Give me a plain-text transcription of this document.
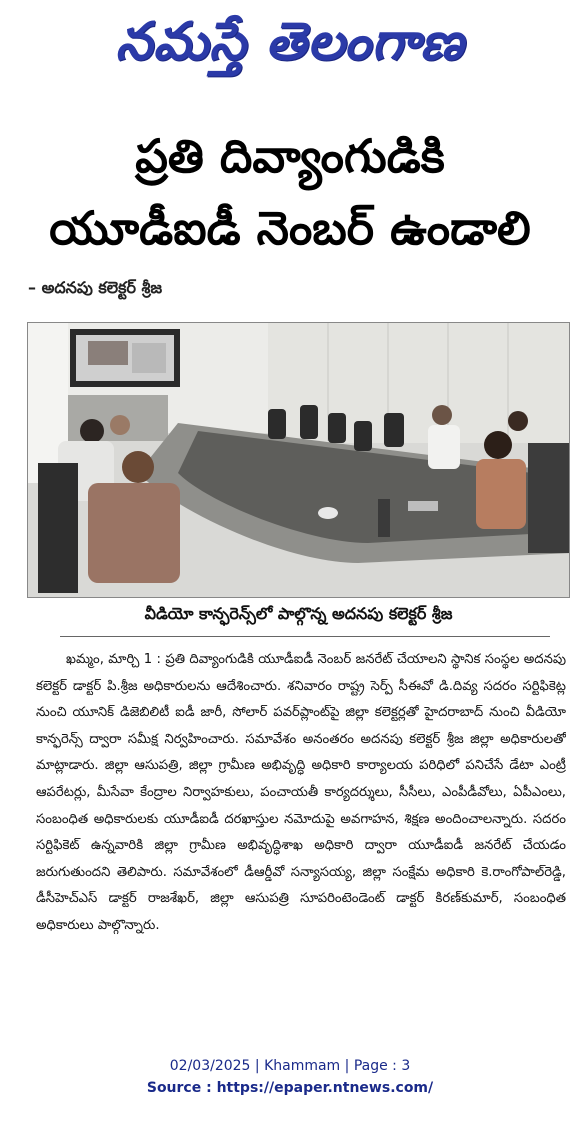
నమస్తే తెలంగాణ
ప్రతి దివ్యాంగుడికి
యూడీఐడీ నెంబర్ ఉండాలి
– అదనపు కలెక్టర్ శ్రీజ
వీడియో కాన్ఫరెన్స్‌లో పాల్గొన్న అదనపు కలెక్టర్ శ్రీజ
ఖమ్మం, మార్చి 1 : ప్రతి దివ్యాంగుడికి యూడీఐడీ నెంబర్ జనరేట్ చేయాలని స్థానిక సంస్థల అదనపు కలెక్టర్ డాక్టర్ పి.శ్రీజ అధికారులను ఆదేశించారు. శనివారం రాష్ట్ర సెర్ప్ సీఈవో డి.దివ్య సదరం సర్టిఫికెట్ల నుంచి యూనిక్ డిజెబిలిటీ ఐడీ జారీ, సోలార్ పవర్‌ప్లాంట్‌పై జిల్లా కలెక్టర్లతో హైదరాబాద్ నుంచి వీడియో కాన్ఫరెన్స్ ద్వారా సమీక్ష నిర్వహించారు. సమావేశం అనంతరం అదనపు కలెక్టర్ శ్రీజ జిల్లా అధికారులతో మాట్లాడారు. జిల్లా ఆసుపత్రి, జిల్లా గ్రామీణ అభివృద్ధి అధికారి కార్యాలయ పరిధిలో పనిచేసే డేటా ఎంట్రీ ఆపరేటర్లు, మీసేవా కేంద్రాల నిర్వాహకులు, పంచాయతీ కార్యదర్శులు, సీసీలు, ఎంపీడీవోలు, ఏపీఎంలు, సంబంధిత అధికారులకు యూడీఐడీ దరఖాస్తుల నమోదుపై అవగాహన, శిక్షణ అందించాలన్నారు. సదరం సర్టిఫికెట్ ఉన్నవారికి జిల్లా గ్రామీణ అభివృద్ధిశాఖ అధికారి ద్వారా యూడీఐడీ జనరేట్ చేయడం జరుగుతుందని తెలిపారు. సమావేశంలో డీఆర్డీవో సన్యాసయ్య, జిల్లా సంక్షేమ అధికారి కె.రాంగోపాల్‌రెడ్డి, డీసీహెచ్ఎస్ డాక్టర్ రాజశేఖర్, జిల్లా ఆసుపత్రి సూపరింటెండెంట్ డాక్టర్ కిరణ్‌కుమార్, సంబంధిత అధికారులు పాల్గొన్నారు.
02/03/2025 | Khammam | Page : 3
Source : https://epaper.ntnews.com/
